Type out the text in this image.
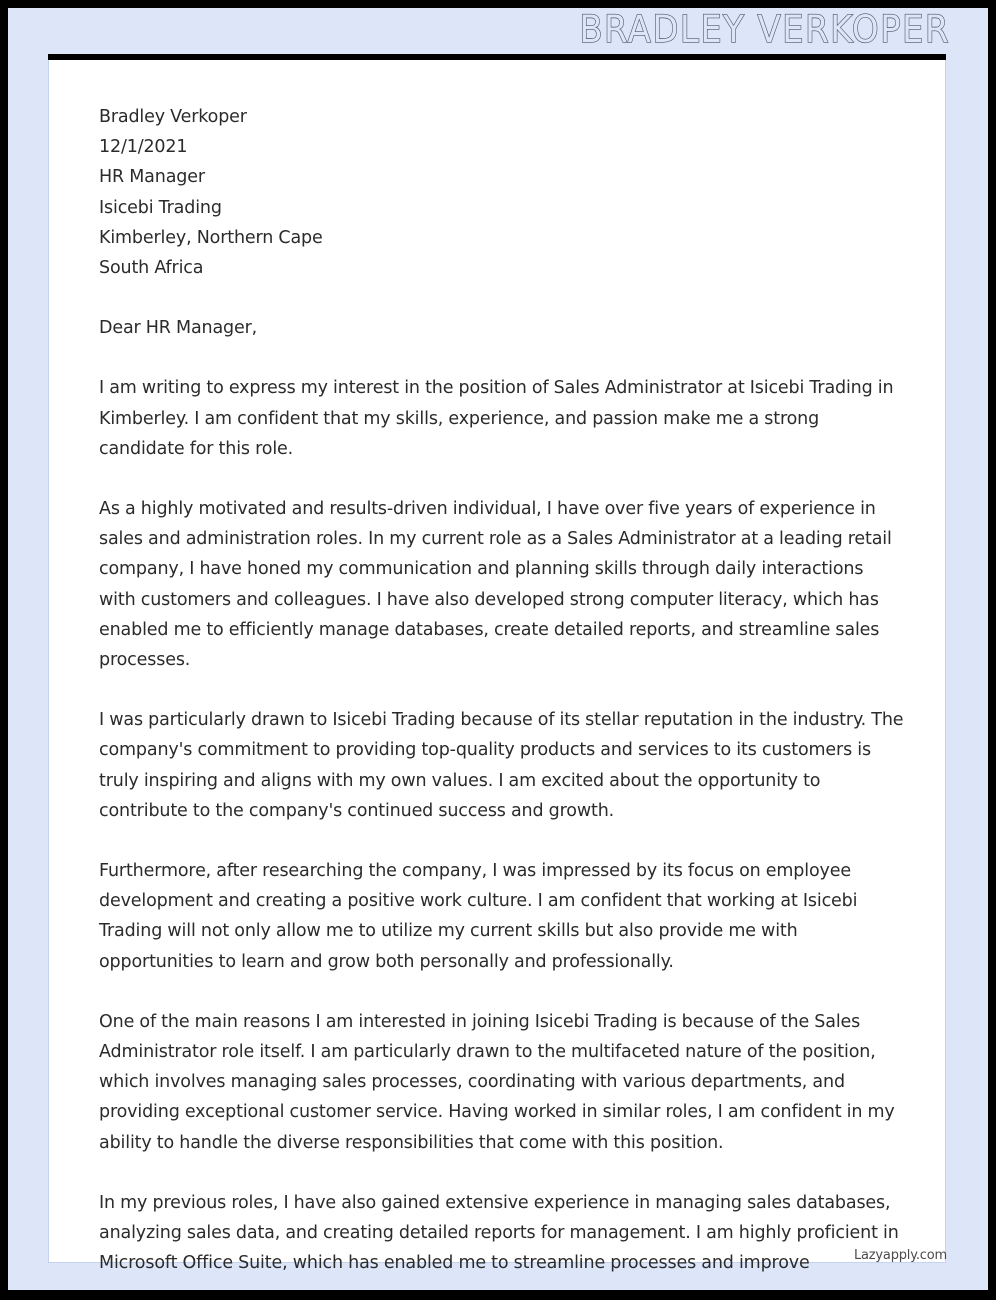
BRADLEY VERKOPER
Bradley Verkoper
12/1/2021
HR Manager
Isicebi Trading
Kimberley, Northern Cape
South Africa

Dear HR Manager,

I am writing to express my interest in the position of Sales Administrator at Isicebi Trading in Kimberley. I am confident that my skills, experience, and passion make me a strong candidate for this role.

As a highly motivated and results-driven individual, I have over five years of experience in sales and administration roles. In my current role as a Sales Administrator at a leading retail company, I have honed my communication and planning skills through daily interactions with customers and colleagues. I have also developed strong computer literacy, which has enabled me to efficiently manage databases, create detailed reports, and streamline sales processes.

I was particularly drawn to Isicebi Trading because of its stellar reputation in the industry. The company's commitment to providing top-quality products and services to its customers is truly inspiring and aligns with my own values. I am excited about the opportunity to contribute to the company's continued success and growth.

Furthermore, after researching the company, I was impressed by its focus on employee development and creating a positive work culture. I am confident that working at Isicebi Trading will not only allow me to utilize my current skills but also provide me with opportunities to learn and grow both personally and professionally.

One of the main reasons I am interested in joining Isicebi Trading is because of the Sales Administrator role itself. I am particularly drawn to the multifaceted nature of the position, which involves managing sales processes, coordinating with various departments, and providing exceptional customer service. Having worked in similar roles, I am confident in my ability to handle the diverse responsibilities that come with this position.

In my previous roles, I have also gained extensive experience in managing sales databases, analyzing sales data, and creating detailed reports for management. I am highly proficient in Microsoft Office Suite, which has enabled me to streamline processes and improve	Lazyapply.com
